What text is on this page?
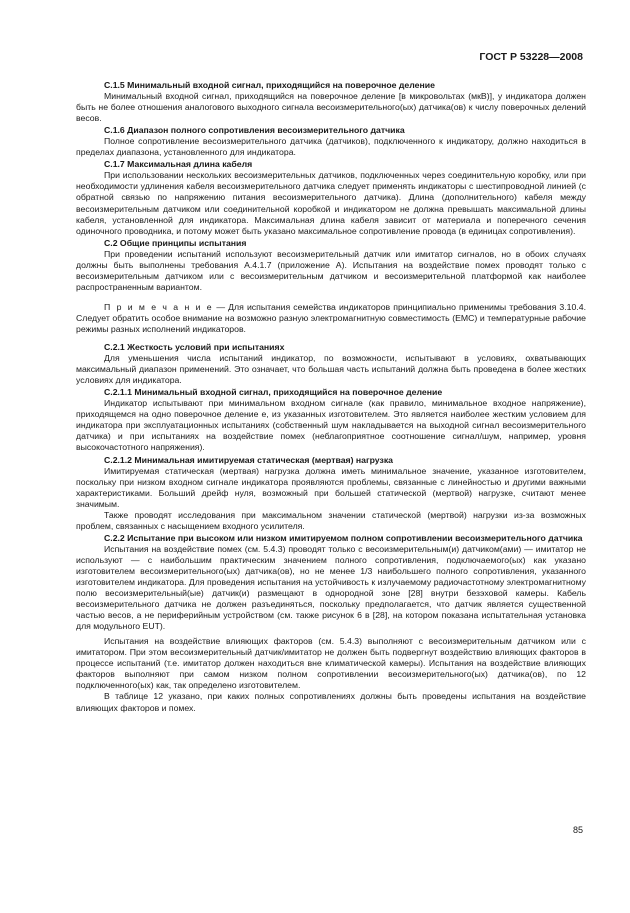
ГОСТ Р 53228—2008

С.1.5 Минимальный входной сигнал, приходящийся на поверочное деление

Минимальный входной сигнал, приходящийся на поверочное деление [в микровольтах (мкВ)], у индикатора должен быть не более отношения аналогового выходного сигнала весоизмерительного(ых) датчика(ов) к числу поверочных делений весов.

С.1.6 Диапазон полного сопротивления весоизмерительного датчика

Полное сопротивление весоизмерительного датчика (датчиков), подключенного к индикатору, должно находиться в пределах диапазона, установленного для индикатора.

С.1.7 Максимальная длина кабеля

При использовании нескольких весоизмерительных датчиков, подключенных через соединительную коробку, или при необходимости удлинения кабеля весоизмерительного датчика следует применять индикаторы с шестипроводной линией (с обратной связью по напряжению питания весоизмерительного датчика). Длина (дополнительного) кабеля между весоизмерительным датчиком или соединительной коробкой и индикатором не должна превышать максимальной длины кабеля, установленной для индикатора. Максимальная длина кабеля зависит от материала и поперечного сечения одиночного проводника, и потому может быть указано максимальное сопротивление провода (в единицах сопротивления).

С.2 Общие принципы испытания

При проведении испытаний используют весоизмерительный датчик или имитатор сигналов, но в обоих случаях должны быть выполнены требования А.4.1.7 (приложение А). Испытания на воздействие помех проводят только с весоизмерительным датчиком или с весоизмерительным датчиком и весоизмерительной платформой как наиболее распространенным вариантом.

П р и м е ч а н и е — Для испытания семейства индикаторов принципиально применимы требования 3.10.4. Следует обратить особое внимание на возможно разную электромагнитную совместимость (ЕМС) и температурные рабочие режимы разных исполнений индикаторов.

С.2.1 Жесткость условий при испытаниях

Для уменьшения числа испытаний индикатор, по возможности, испытывают в условиях, охватывающих максимальный диапазон применений. Это означает, что большая часть испытаний должна быть проведена в более жестких условиях для индикатора.

С.2.1.1 Минимальный входной сигнал, приходящийся на поверочное деление

Индикатор испытывают при минимальном входном сигнале (как правило, минимальное входное напряжение), приходящемся на одно поверочное деление е, из указанных изготовителем. Это является наиболее жестким условием для индикатора при эксплуатационных испытаниях (собственный шум накладывается на выходной сигнал весоизмерительного датчика) и при испытаниях на воздействие помех (неблагоприятное соотношение сигнал/шум, например, уровня высокочастотного напряжения).

С.2.1.2 Минимальная имитируемая статическая (мертвая) нагрузка

Имитируемая статическая (мертвая) нагрузка должна иметь минимальное значение, указанное изготовителем, поскольку при низком входном сигнале индикатора проявляются проблемы, связанные с линейностью и другими важными характеристиками. Больший дрейф нуля, возможный при большей статической (мертвой) нагрузке, считают менее значимым.

Также проводят исследования при максимальном значении статической (мертвой) нагрузки из-за возможных проблем, связанных с насыщением входного усилителя.

С.2.2 Испытание при высоком или низком имитируемом полном сопротивлении весоизмерительного датчика

Испытания на воздействие помех (см. 5.4.3) проводят только с весоизмерительным(и) датчиком(ами) — имитатор не используют — с наибольшим практическим значением полного сопротивления, подключаемого(ых) как указано изготовителем весоизмерительного(ых) датчика(ов), но не менее 1/3 наибольшего полного сопротивления, указанного изготовителем индикатора. Для проведения испытания на устойчивость к излучаемому радиочастотному электромагнитному полю весоизмерительный(ые) датчик(и) размещают в однородной зоне [28] внутри безэховой камеры. Кабель весоизмерительного датчика не должен разъединяться, поскольку предполагается, что датчик является существенной частью весов, а не периферийным устройством (см. также рисунок 6 в [28], на котором показана испытательная установка для модульного EUT).

Испытания на воздействие влияющих факторов (см. 5.4.3) выполняют с весоизмерительным датчиком или с имитатором. При этом весоизмерительный датчик/имитатор не должен быть подвергнут воздействию влияющих факторов в процессе испытаний (т.е. имитатор должен находиться вне климатической камеры). Испытания на воздействие влияющих факторов выполняют при самом низком полном сопротивлении весоизмерительного(ых) датчика(ов), по 12 подключенного(ых) как, так определено изготовителем.

В таблице 12 указано, при каких полных сопротивлениях должны быть проведены испытания на воздействие влияющих факторов и помех.

85
